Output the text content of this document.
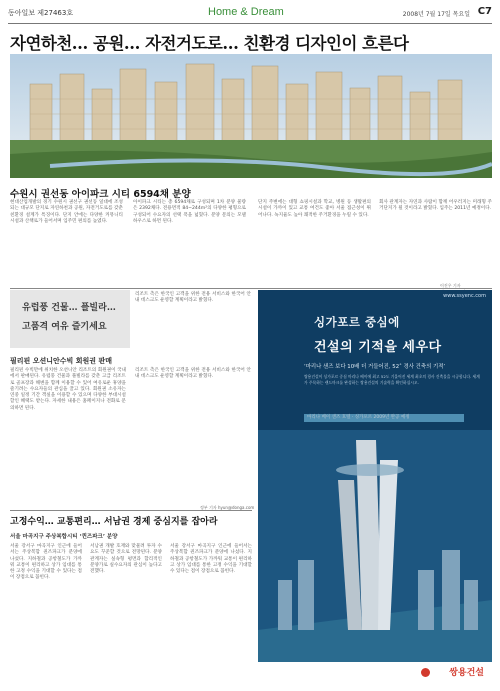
동아일보 제27463호	Home & Dream	2008년 7월 17일 목요일 C7
자연하천… 공원… 자전거도로… 친환경 디자인이 흐른다
수원시 권선동 아이파크 시티 6594채 분양
현대산업개발의 경기 수원시 권선구 권선동 일대에 조성되는 대규모 단지로 자연하천과 공원, 자전거도로를 갖춘 친환경 설계가 특징이다. 단지 안에는 다양한 커뮤니티 시설과 산책로가 들어서며 입주민 편의를 높였다.
아이파크 시티는 총 6594채로 구성되며 1차 분양 물량은 2392채다. 전용면적 84∼244m²의 다양한 평형으로 구성되어 수요자의 선택 폭을 넓혔다. 분양 문의는 모델하우스로 하면 된다.
단지 주변에는 대형 쇼핑시설과 학교, 병원 등 생활편의시설이 가까이 있고 교통 여건도 좋아 서울 접근성이 뛰어나다. 녹지율도 높아 쾌적한 주거환경을 누릴 수 있다.
회사 관계자는 자연과 사람이 함께 어우러지는 미래형 주거단지가 될 것이라고 밝혔다. 입주는 2011년 예정이다.
이진우 기자
유럽풍 건물… 플빌라…
고품격 여유 즐기세요
리조트 측은 한국인 고객을 위한 전용 서비스와 한국어 안내 데스크도 운영할 계획이라고 밝혔다.
필리핀 오션니안수빅 회원권 판매
필리핀 수빅만에 위치한 오션니안 리조트의 회원권이 국내에서 판매된다. 유럽풍 건물과 풀빌라를 갖춘 고급 리조트로 골프장과 해변을 함께 이용할 수 있어 여유로운 휴양을 즐기려는 수요자들의 관심을 끌고 있다. 회원권 소유자는 연중 일정 기간 객실을 이용할 수 있으며 다양한 부대시설 할인 혜택도 받는다. 자세한 내용은 홈페이지나 전화로 문의하면 된다.
리조트 측은 한국인 고객을 위한 전용 서비스와 한국어 안내 데스크도 운영할 계획이라고 밝혔다.
정부 기자 hyun@donga.com
고정수익… 교통편리… 서남권 경제 중심지를 잡아라
서울 마곡지구 주상복합시티 ‘퀸즈파크’ 분양
서울 강서구 마곡지구 인근에 들어서는 주상복합 퀸즈파크가 분양에 나섰다. 지하철과 공항철도가 가까워 교통이 편리하고 상가 임대를 통한 고정 수익을 기대할 수 있다는 점이 장점으로 꼽힌다.
서남권 개발 호재와 맞물려 투자 수요도 꾸준할 것으로 전망된다. 분양 관계자는 실속형 평면과 합리적인 분양가로 실수요자의 관심이 높다고 전했다.
서울 강서구 마곡지구 인근에 들어서는 주상복합 퀸즈파크가 분양에 나섰다. 지하철과 공항철도가 가까워 교통이 편리하고 상가 임대를 통한 고정 수익을 기대할 수 있다는 점이 장점으로 꼽힌다.
www.ssyenc.com
싱가포르 중심에
건설의 기적을 세우다
‘마리나 샌즈 보다 10배 더 거들어진, 52˚ 경사 건축의 기적’
쌍용건설이 싱가포르 중심 마리나 베이에 최고 52도 기울어진 세계 최초의 경사 건축물을 시공합니다. 세계가 주목하는 랜드마크를 완성하는 쌍용건설의 기술력을 확인하십시오.
마리나 베이 샌즈 호텔 · 싱가포르 2009년 완공 예정
쌍용건설
